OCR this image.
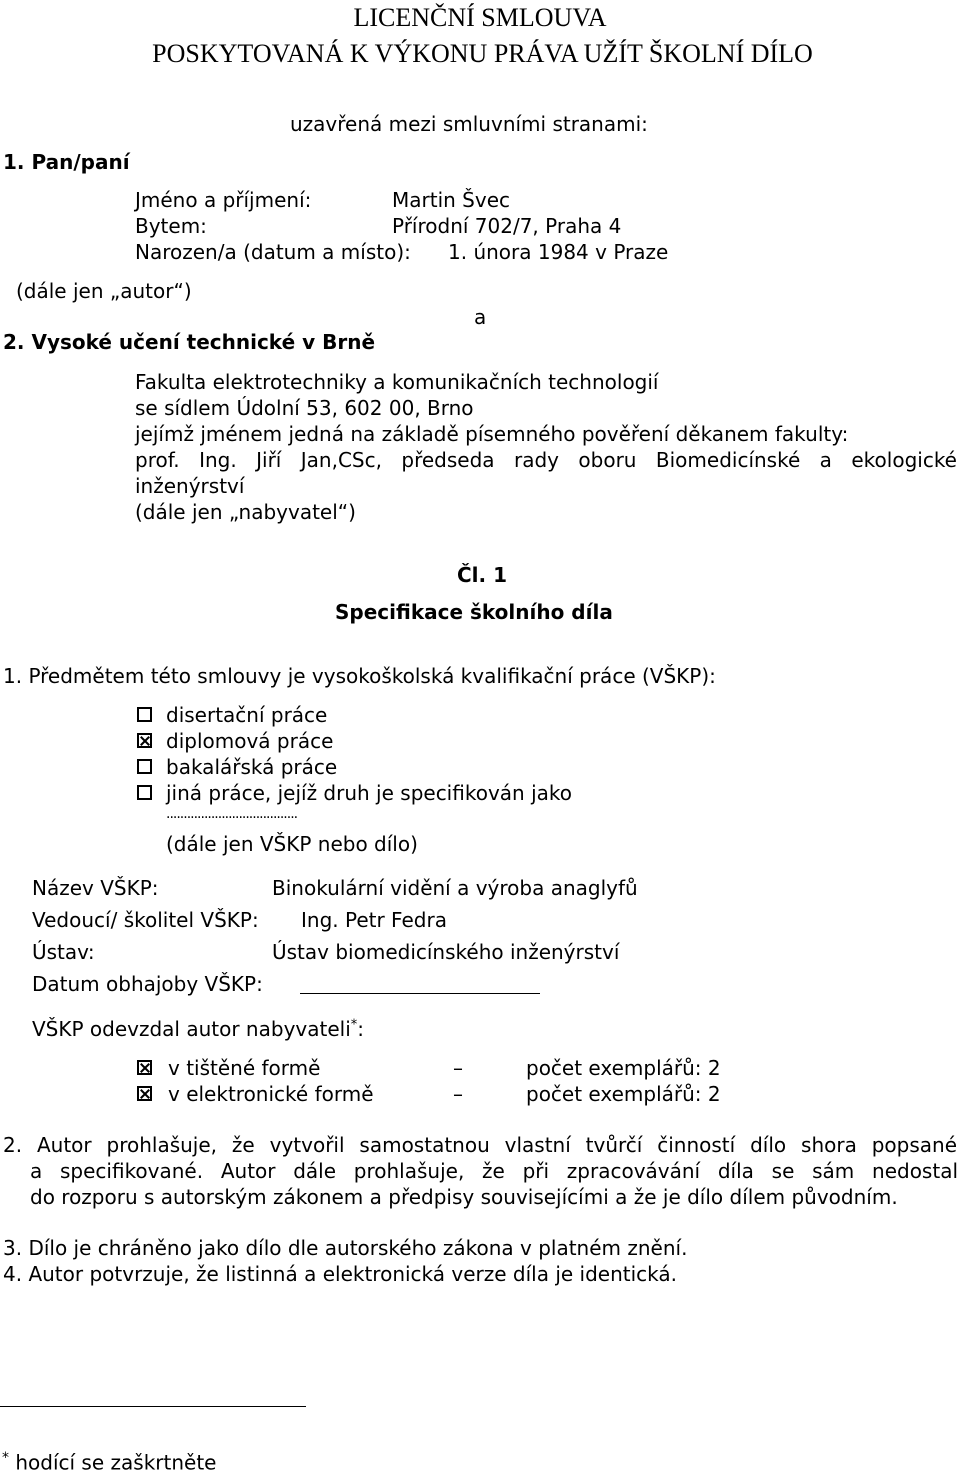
LICENČNÍ SMLOUVA
POSKYTOVANÁ K VÝKONU PRÁVA UŽÍT ŠKOLNÍ DÍLO
uzavřená mezi smluvními stranami:
1. Pan/paní
Jméno a příjmení:	Martin Švec
Bytem:	Přírodní 702/7, Praha 4
Narozen/a (datum a místo): 1. února 1984 v Praze
(dále jen „autor“)
a
2. Vysoké učení technické v Brně
Fakulta elektrotechniky a komunikačních technologií
se sídlem Údolní 53, 602 00, Brno
jejímž jménem jedná na základě písemného pověření děkanem fakulty:
prof. Ing. Jiří Jan,CSc, předseda rady oboru Biomedicínské a ekologické
inženýrství
(dále jen „nabyvatel“)
Čl. 1
Specifikace školního díla
1. Předmětem této smlouvy je vysokoškolská kvalifikační práce (VŠKP):
disertační práce
diplomová práce
bakalářská práce
jiná práce, jejíž druh je specifikován jako
......................................
(dále jen VŠKP nebo dílo)
Název VŠKP:	Binokulární vidění a výroba anaglyfů
Vedoucí/ školitel VŠKP: Ing. Petr Fedra
Ústav:	Ústav biomedicínského inženýrství
Datum obhajoby VŠKP:
VŠKP odevzdal autor nabyvateli*:
v tištěné formě	–	počet exemplářů: 2
v elektronické formě	–	počet exemplářů: 2
2. Autor prohlašuje, že vytvořil samostatnou vlastní tvůrčí činností dílo shora popsané
a specifikované. Autor dále prohlašuje, že při zpracovávání díla se sám nedostal
do rozporu s autorským zákonem a předpisy souvisejícími a že je dílo dílem původním.
3. Dílo je chráněno jako dílo dle autorského zákona v platném znění.
4. Autor potvrzuje, že listinná a elektronická verze díla je identická.
* hodící se zaškrtněte
